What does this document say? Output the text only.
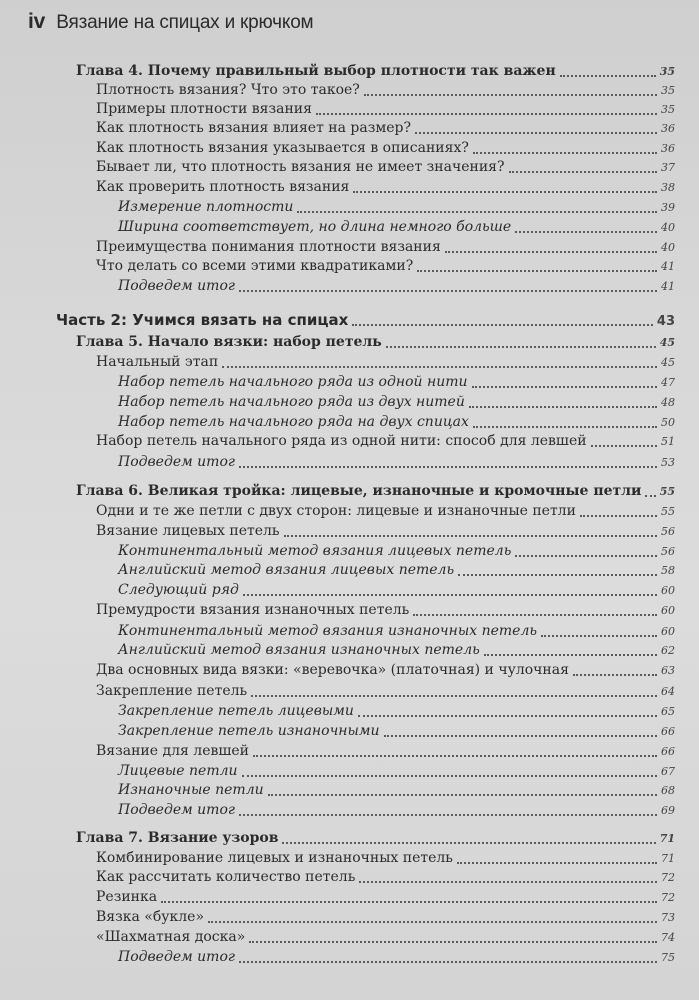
iv Вязание на спицах и крючком
Глава 4. Почему правильный выбор плотности так важен	35
Плотность вязания? Что это такое?	35
Примеры плотности вязания	35
Как плотность вязания влияет на размер?	36
Как плотность вязания указывается в описаниях?	36
Бывает ли, что плотность вязания не имеет значения?	37
Как проверить плотность вязания	38
Измерение плотности	39
Ширина соответствует, но длина немного больше	40
Преимущества понимания плотности вязания	40
Что делать со всеми этими квадратиками?	41
Подведем итог	41
Часть 2: Учимся вязать на спицах	43
Глава 5. Начало вязки: набор петель	45
Начальный этап	45
Набор петель начального ряда из одной нити	47
Набор петель начального ряда из двух нитей	48
Набор петель начального ряда на двух спицах	50
Набор петель начального ряда из одной нити: способ для левшей	51
Подведем итог	53
Глава 6. Великая тройка: лицевые, изнаночные и кромочные петли 55
Одни и те же петли с двух сторон: лицевые и изнаночные петли	55
Вязание лицевых петель	56
Континентальный метод вязания лицевых петель	56
Английский метод вязания лицевых петель	58
Следующий ряд	60
Премудрости вязания изнаночных петель	60
Континентальный метод вязания изнаночных петель	60
Английский метод вязания изнаночных петель	62
Два основных вида вязки: «веревочка» (платочная) и чулочная	63
Закрепление петель	64
Закрепление петель лицевыми	65
Закрепление петель изнаночными	66
Вязание для левшей	66
Лицевые петли	67
Изнаночные петли	68
Подведем итог	69
Глава 7. Вязание узоров	71
Комбинирование лицевых и изнаночных петель	71
Как рассчитать количество петель	72
Резинка	72
Вязка «букле»	73
«Шахматная доска»	74
Подведем итог	75
